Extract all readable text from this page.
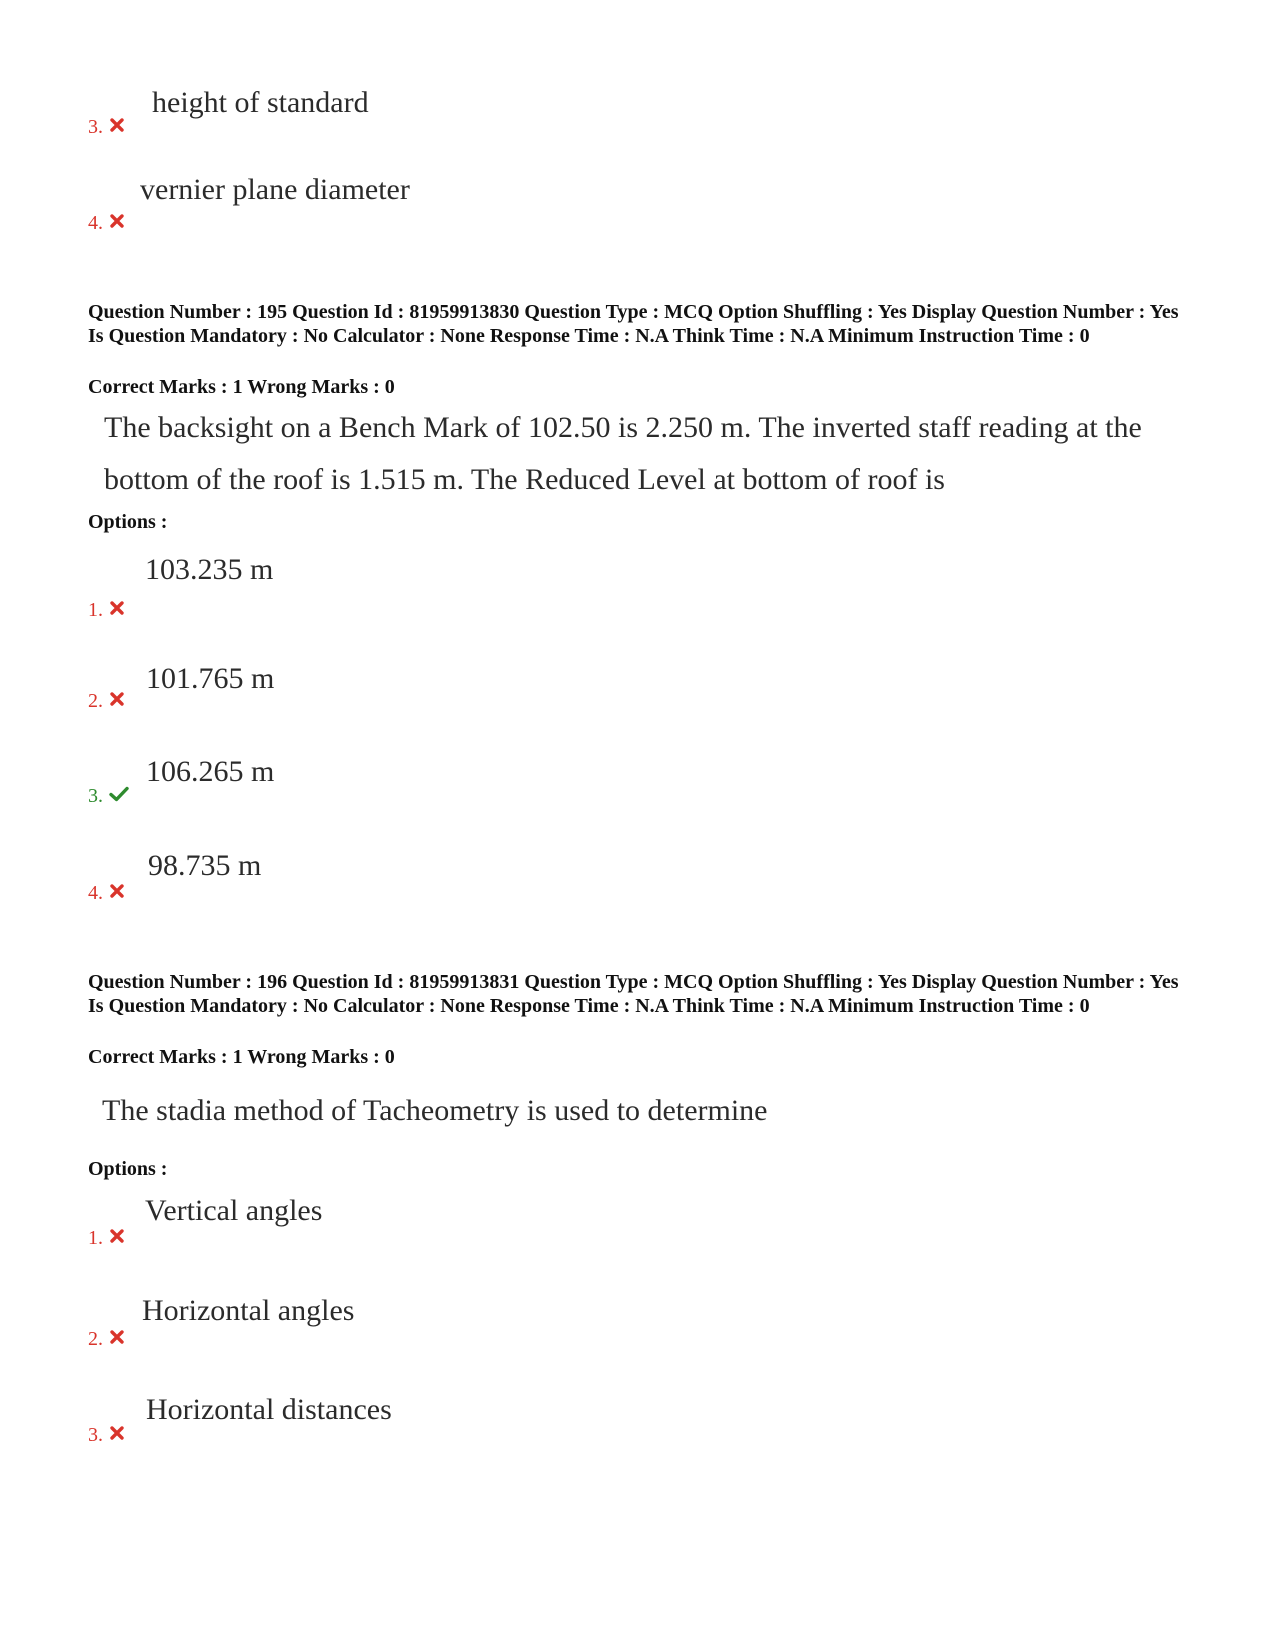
height of standard
3.
vernier plane diameter
4.
Question Number : 195 Question Id : 81959913830 Question Type : MCQ Option Shuffling : Yes Display Question Number : Yes Is Question Mandatory : No Calculator : None Response Time : N.A Think Time : N.A Minimum Instruction Time : 0
Correct Marks : 1 Wrong Marks : 0
The backsight on a Bench Mark of 102.50 is 2.250 m. The inverted staff reading at the bottom of the roof is 1.515 m. The Reduced Level at bottom of roof is
Options :
103.235 m
1.
101.765 m
2.
106.265 m
3.
98.735 m
4.
Question Number : 196 Question Id : 81959913831 Question Type : MCQ Option Shuffling : Yes Display Question Number : Yes Is Question Mandatory : No Calculator : None Response Time : N.A Think Time : N.A Minimum Instruction Time : 0
Correct Marks : 1 Wrong Marks : 0
The stadia method of Tacheometry is used to determine
Options :
Vertical angles
1.
Horizontal angles
2.
Horizontal distances
3.
